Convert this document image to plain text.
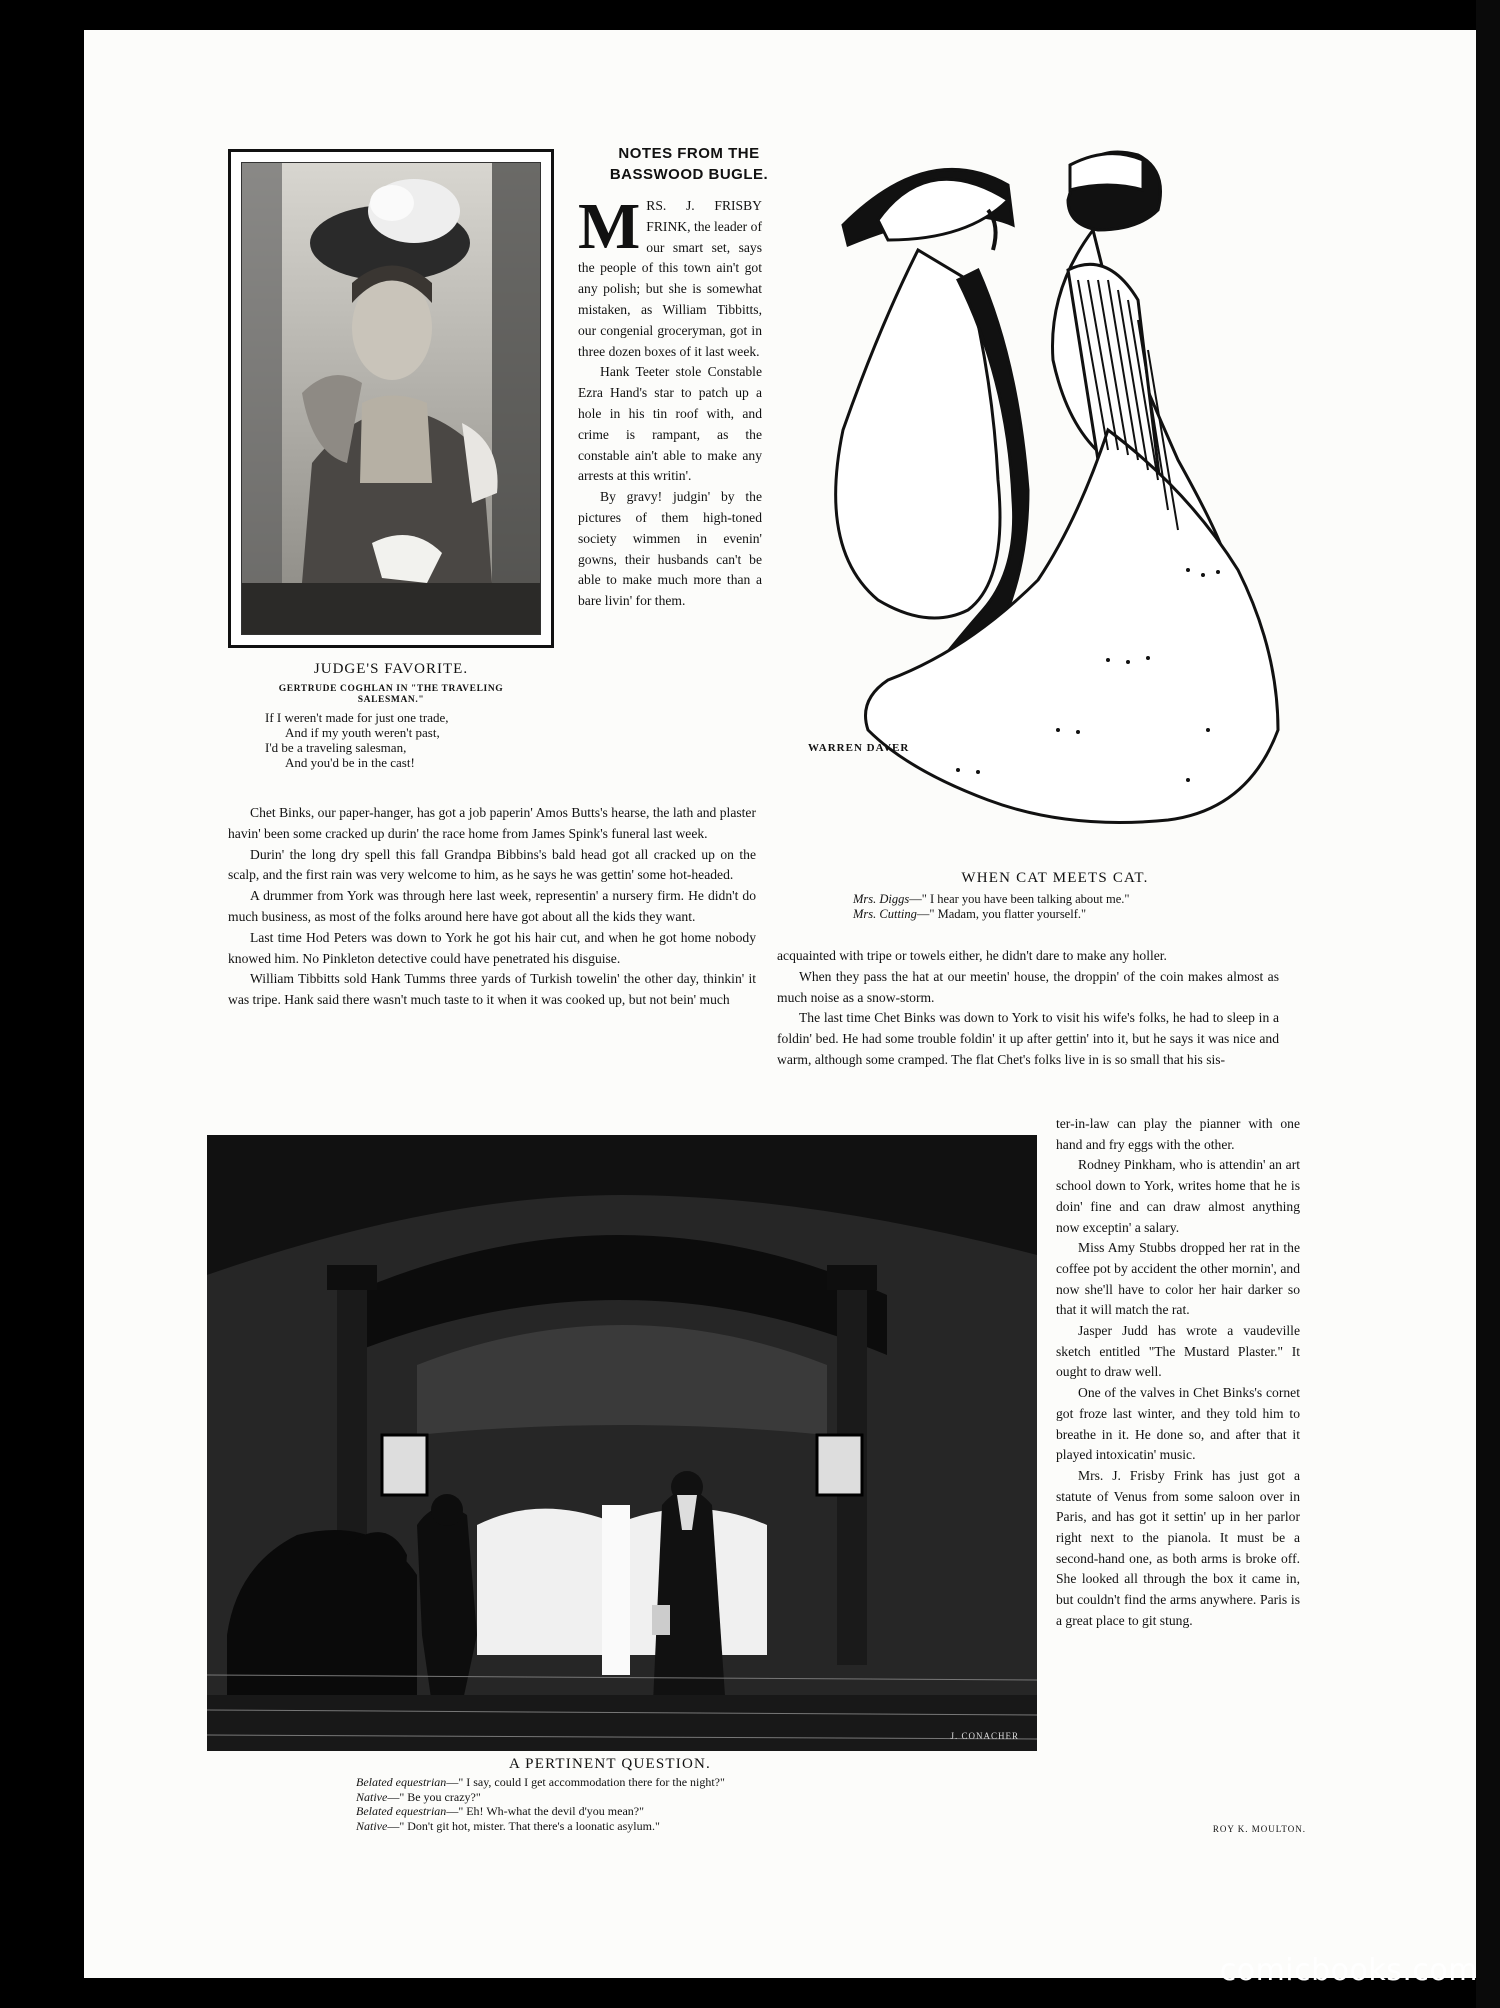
JUDGE'S FAVORITE.
GERTRUDE COGHLAN IN "THE TRAVELING
SALESMAN."
If I weren't made for just one trade,
And if my youth weren't past,
I'd be a traveling salesman,
And you'd be in the cast!
NOTES FROM THE
BASSWOOD BUGLE.

MRS. J. FRISBY FRINK, the leader of our smart set, says the people of this town ain't got any polish; but she is somewhat mistaken, as William Tibbitts, our congenial groceryman, got in three dozen boxes of it last week.

Hank Teeter stole Constable Ezra Hand's star to patch up a hole in his tin roof with, and crime is rampant, as the constable ain't able to make any arrests at this writin'.

By gravy! judgin' by the pictures of them high-toned society wimmen in evenin' gowns, their husbands can't be able to make much more than a bare livin' for them.

Chet Binks, our paper-hanger, has got a job paperin' Amos Butts's hearse, the lath and plaster havin' been some cracked up durin' the race home from James Spink's funeral last week.

Durin' the long dry spell this fall Grandpa Bibbins's bald head got all cracked up on the scalp, and the first rain was very welcome to him, as he says he was gettin' some hot-headed.

A drummer from York was through here last week, representin' a nursery firm. He didn't do much business, as most of the folks around here have got about all the kids they want.

Last time Hod Peters was down to York he got his hair cut, and when he got home nobody knowed him. No Pinkleton detective could have penetrated his disguise.

William Tibbitts sold Hank Tumms three yards of Turkish towelin' the other day, thinkin' it was tripe. Hank said there wasn't much taste to it when it was cooked up, but not bein' much

acquainted with tripe or towels either, he didn't dare to make any holler.

When they pass the hat at our meetin' house, the droppin' of the coin makes almost as much noise as a snow-storm.

The last time Chet Binks was down to York to visit his wife's folks, he had to sleep in a foldin' bed. He had some trouble foldin' it up after gettin' into it, but he says it was nice and warm, although some cramped. The flat Chet's folks live in is so small that his sis-

ter-in-law can play the pianner with one hand and fry eggs with the other.

Rodney Pinkham, who is attendin' an art school down to York, writes home that he is doin' fine and can draw almost anything now exceptin' a salary.

Miss Amy Stubbs dropped her rat in the coffee pot by accident the other mornin', and now she'll have to color her hair darker so that it will match the rat.

Jasper Judd has wrote a vaudeville sketch entitled "The Mustard Plaster." It ought to draw well.

One of the valves in Chet Binks's cornet got froze last winter, and they told him to breathe in it. He done so, and after that it played intoxicatin' music.

Mrs. J. Frisby Frink has just got a statute of Venus from some saloon over in Paris, and has got it settin' up in her parlor right next to the pianola. It must be a second-hand one, as both arms is broke off. She looked all through the box it came in, but couldn't find the arms anywhere. Paris is a great place to git stung.

ROY K. MOULTON.
WARREN DAVER
WHEN CAT MEETS CAT.
Mrs. Diggs—" I hear you have been talking about me."
Mrs. Cutting—" Madam, you flatter yourself."
J. CONACHER
A PERTINENT QUESTION.
Belated equestrian—" I say, could I get accommodation there for the night?"
Native—" Be you crazy?"
Belated equestrian—" Eh! Wh-what the devil d'you mean?"
Native—" Don't git hot, mister. That there's a loonatic asylum."
comicbooks.com
